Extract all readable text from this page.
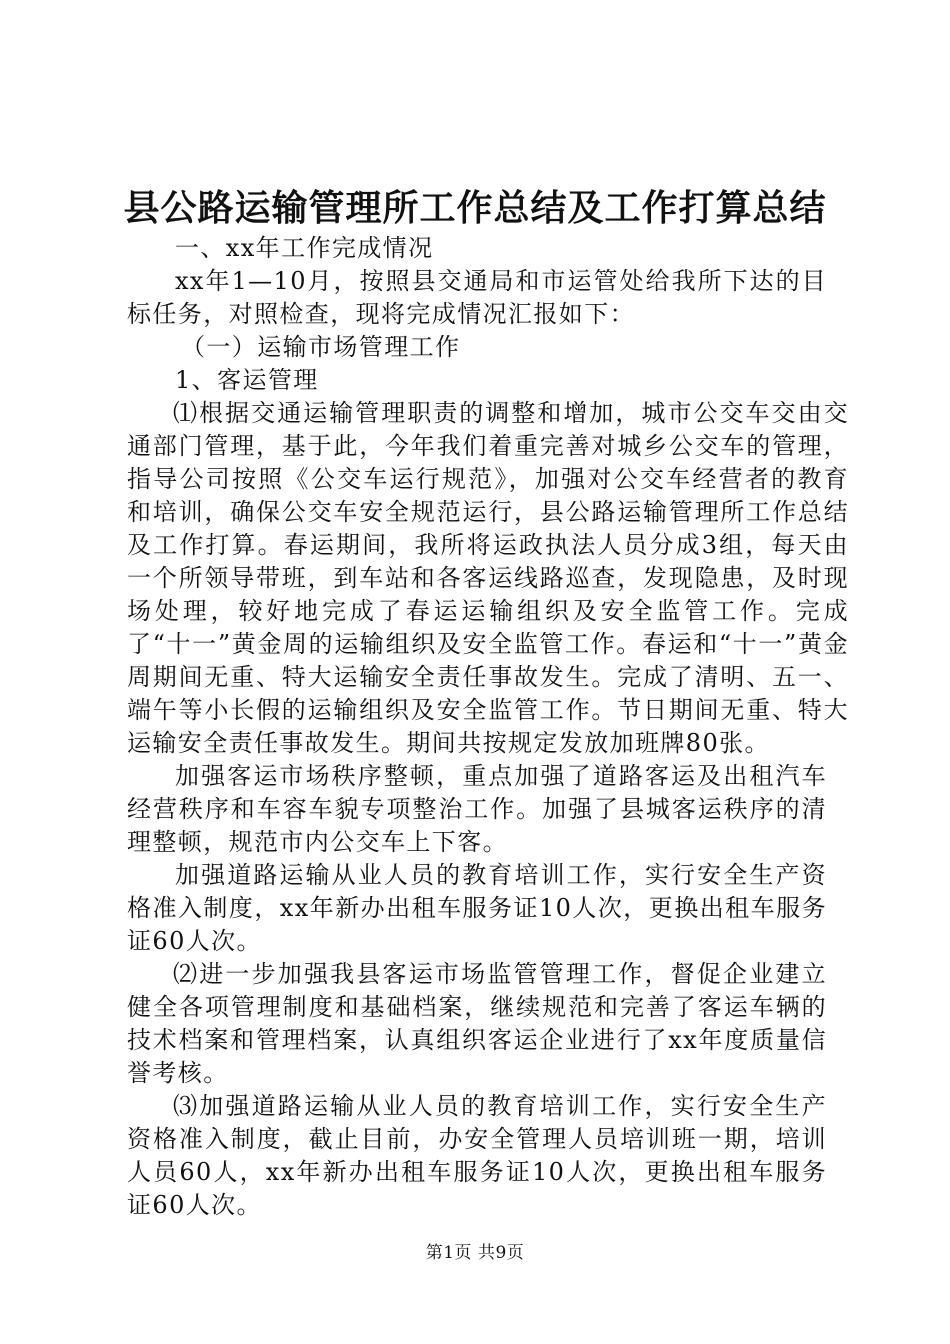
县公路运输管理所工作总结及工作打算总结

一、xx年工作完成情况

xx年1—10月，按照县交通局和市运管处给我所下达的目标任务，对照检查，现将完成情况汇报如下：

（一）运输市场管理工作

1、客运管理

⑴根据交通运输管理职责的调整和增加，城市公交车交由交通部门管理，基于此，今年我们着重完善对城乡公交车的管理，指导公司按照《公交车运行规范》，加强对公交车经营者的教育和培训，确保公交车安全规范运行，县公路运输管理所工作总结及工作打算。春运期间，我所将运政执法人员分成3组，每天由一个所领导带班，到车站和各客运线路巡查，发现隐患，及时现场处理，较好地完成了春运运输组织及安全监管工作。完成了“十一”黄金周的运输组织及安全监管工作。春运和“十一”黄金周期间无重、特大运输安全责任事故发生。完成了清明、五一、端午等小长假的运输组织及安全监管工作。节日期间无重、特大运输安全责任事故发生。期间共按规定发放加班牌80张。

加强客运市场秩序整顿，重点加强了道路客运及出租汽车经营秩序和车容车貌专项整治工作。加强了县城客运秩序的清理整顿，规范市内公交车上下客。

加强道路运输从业人员的教育培训工作，实行安全生产资格准入制度，xx年新办出租车服务证10人次，更换出租车服务证60人次。

⑵进一步加强我县客运市场监管管理工作，督促企业建立健全各项管理制度和基础档案，继续规范和完善了客运车辆的技术档案和管理档案，认真组织客运企业进行了xx年度质量信誉考核。

⑶加强道路运输从业人员的教育培训工作，实行安全生产资格准入制度，截止目前，办安全管理人员培训班一期，培训人员60人，xx年新办出租车服务证10人次，更换出租车服务证60人次。

第1页 共9页
